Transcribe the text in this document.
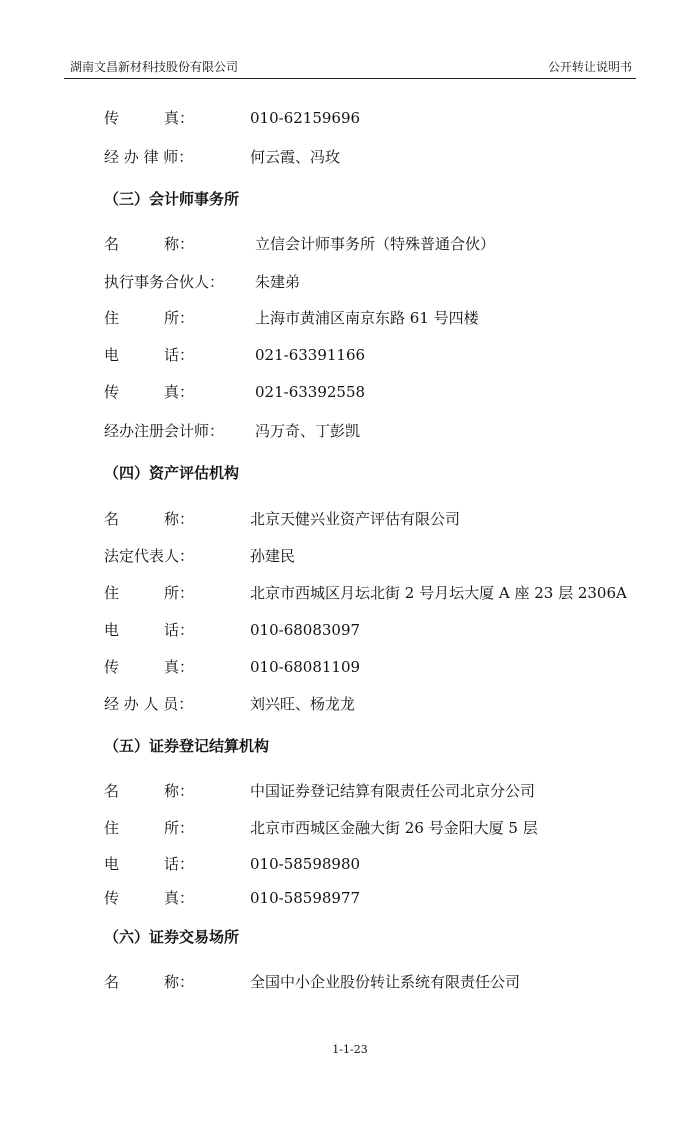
湖南文昌新材科技股份有限公司	公开转让说明书
传　　　真：	010-62159696
经 办 律 师：	何云霞、冯玫
（三）会计师事务所
名　　　称：	立信会计师事务所（特殊普通合伙）
执行事务合伙人： 朱建弟
住　　　所：	上海市黄浦区南京东路 61 号四楼
电　　　话：	021-63391166
传　　　真：	021-63392558
经办注册会计师： 冯万奇、丁彭凯
（四）资产评估机构
名　　　称：	北京天健兴业资产评估有限公司
法定代表人：	孙建民
住　　　所：	北京市西城区月坛北街 2 号月坛大厦 A 座 23 层 2306A
电　　　话：	010-68083097
传　　　真：	010-68081109
经 办 人 员：	刘兴旺、杨龙龙
（五）证券登记结算机构
名　　　称：	中国证券登记结算有限责任公司北京分公司
住　　　所：	北京市西城区金融大街 26 号金阳大厦 5 层
电　　　话：	010-58598980
传　　　真：	010-58598977
（六）证券交易场所
名　　　称：	全国中小企业股份转让系统有限责任公司
1-1-23
